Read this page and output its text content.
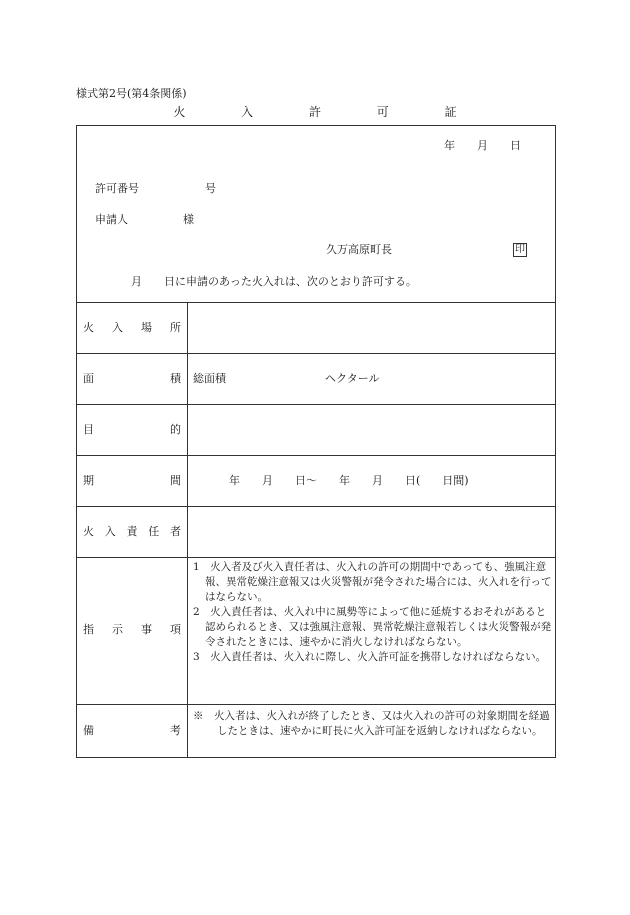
様式第2号(第4条関係)
火 入 許 可 証
年　　月　　日
許可番号　　　　　　号
申請人　　　　　様
久万高原町長	印
月　　日に申請のあった火入れは、次のとおり許可する。
火入場所
面積
目的
期間
火入責任者
指示事項
備考
総面積　　　　　　　　　ヘクタール
年　　月　　日～　　年　　月　　日(　　日間)

1　火入者及び火入責任者は、火入れの許可の期間中であっても、強風注意報、異常乾燥注意報又は火災警報が発令された場合には、火入れを行ってはならない。

2　火入責任者は、火入れ中に風勢等によって他に延焼するおそれがあると認められるとき、又は強風注意報、異常乾燥注意報若しくは火災警報が発令されたときには、速やかに消火しなければならない。

3　火入責任者は、火入れに際し、火入許可証を携帯しなければならない。

※　火入者は、火入れが終了したとき、又は火入れの許可の対象期間を経過したときは、速やかに町長に火入許可証を返納しなければならない。
